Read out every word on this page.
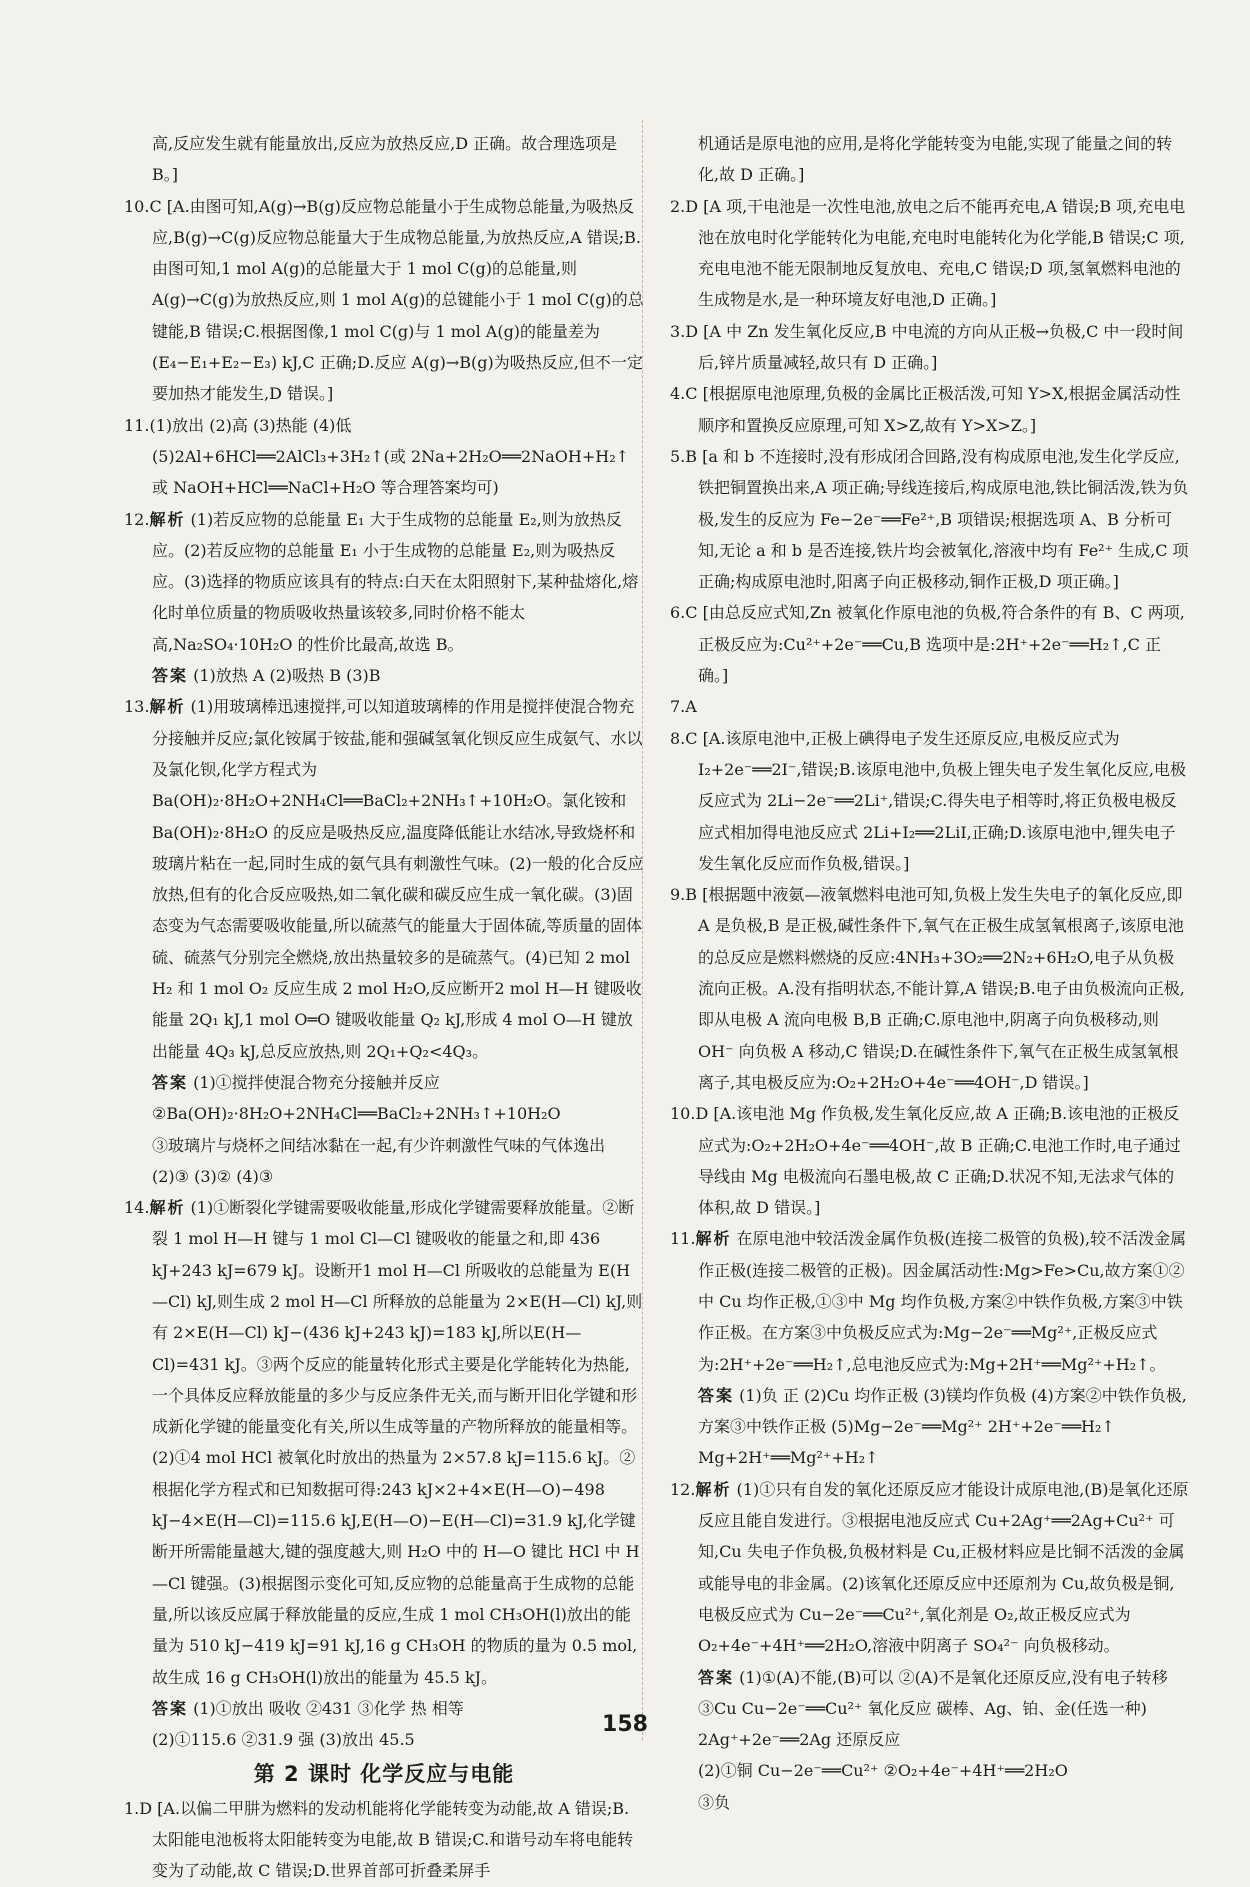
高,反应发生就有能量放出,反应为放热反应,D 正确。故合理选项是 B。]

10.C [A.由图可知,A(g)→B(g)反应物总能量小于生成物总能量,为吸热反应,B(g)→C(g)反应物总能量大于生成物总能量,为放热反应,A 错误;B.由图可知,1 mol A(g)的总能量大于 1 mol C(g)的总能量,则 A(g)→C(g)为放热反应,则 1 mol A(g)的总键能小于 1 mol C(g)的总键能,B 错误;C.根据图像,1 mol C(g)与 1 mol A(g)的能量差为(E₄−E₁+E₂−E₃) kJ,C 正确;D.反应 A(g)→B(g)为吸热反应,但不一定要加热才能发生,D 错误。]

11.(1)放出 (2)高 (3)热能 (4)低

(5)2Al+6HCl══2AlCl₃+3H₂↑(或 2Na+2H₂O══2NaOH+H₂↑或 NaOH+HCl══NaCl+H₂O 等合理答案均可)

12.解析 (1)若反应物的总能量 E₁ 大于生成物的总能量 E₂,则为放热反应。(2)若反应物的总能量 E₁ 小于生成物的总能量 E₂,则为吸热反应。(3)选择的物质应该具有的特点:白天在太阳照射下,某种盐熔化,熔化时单位质量的物质吸收热量该较多,同时价格不能太高,Na₂SO₄·10H₂O 的性价比最高,故选 B。

答案 (1)放热 A (2)吸热 B (3)B

13.解析 (1)用玻璃棒迅速搅拌,可以知道玻璃棒的作用是搅拌使混合物充分接触并反应;氯化铵属于铵盐,能和强碱氢氧化钡反应生成氨气、水以及氯化钡,化学方程式为 Ba(OH)₂·8H₂O+2NH₄Cl══BaCl₂+2NH₃↑+10H₂O。氯化铵和 Ba(OH)₂·8H₂O 的反应是吸热反应,温度降低能让水结冰,导致烧杯和玻璃片粘在一起,同时生成的氨气具有刺激性气味。(2)一般的化合反应放热,但有的化合反应吸热,如二氧化碳和碳反应生成一氧化碳。(3)固态变为气态需要吸收能量,所以硫蒸气的能量大于固体硫,等质量的固体硫、硫蒸气分别完全燃烧,放出热量较多的是硫蒸气。(4)已知 2 mol H₂ 和 1 mol O₂ 反应生成 2 mol H₂O,反应断开2 mol H—H 键吸收能量 2Q₁ kJ,1 mol O═O 键吸收能量 Q₂ kJ,形成 4 mol O—H 键放出能量 4Q₃ kJ,总反应放热,则 2Q₁+Q₂<4Q₃。

答案 (1)①搅拌使混合物充分接触并反应

②Ba(OH)₂·8H₂O+2NH₄Cl══BaCl₂+2NH₃↑+10H₂O

③玻璃片与烧杯之间结冰黏在一起,有少许刺激性气味的气体逸出

(2)③ (3)② (4)③

14.解析 (1)①断裂化学键需要吸收能量,形成化学键需要释放能量。②断裂 1 mol H—H 键与 1 mol Cl—Cl 键吸收的能量之和,即 436 kJ+243 kJ=679 kJ。设断开1 mol H—Cl 所吸收的总能量为 E(H—Cl) kJ,则生成 2 mol H—Cl 所释放的总能量为 2×E(H—Cl) kJ,则有 2×E(H—Cl) kJ−(436 kJ+243 kJ)=183 kJ,所以E(H—Cl)=431 kJ。③两个反应的能量转化形式主要是化学能转化为热能,一个具体反应释放能量的多少与反应条件无关,而与断开旧化学键和形成新化学键的能量变化有关,所以生成等量的产物所释放的能量相等。(2)①4 mol HCl 被氧化时放出的热量为 2×57.8 kJ=115.6 kJ。②根据化学方程式和已知数据可得:243 kJ×2+4×E(H—O)−498 kJ−4×E(H—Cl)=115.6 kJ,E(H—O)−E(H—Cl)=31.9 kJ,化学键断开所需能量越大,键的强度越大,则 H₂O 中的 H—O 键比 HCl 中 H—Cl 键强。(3)根据图示变化可知,反应物的总能量高于生成物的总能量,所以该反应属于释放能量的反应,生成 1 mol CH₃OH(l)放出的能量为 510 kJ−419 kJ=91 kJ,16 g CH₃OH 的物质的量为 0.5 mol,故生成 16 g CH₃OH(l)放出的能量为 45.5 kJ。

答案 (1)①放出 吸收 ②431 ③化学 热 相等

(2)①115.6 ②31.9 强 (3)放出 45.5

第 2 课时 化学反应与电能

1.D [A.以偏二甲肼为燃料的发动机能将化学能转变为动能,故 A 错误;B.太阳能电池板将太阳能转变为电能,故 B 错误;C.和谐号动车将电能转变为了动能,故 C 错误;D.世界首部可折叠柔屏手

机通话是原电池的应用,是将化学能转变为电能,实现了能量之间的转化,故 D 正确。]

2.D [A 项,干电池是一次性电池,放电之后不能再充电,A 错误;B 项,充电电池在放电时化学能转化为电能,充电时电能转化为化学能,B 错误;C 项,充电电池不能无限制地反复放电、充电,C 错误;D 项,氢氧燃料电池的生成物是水,是一种环境友好电池,D 正确。]

3.D [A 中 Zn 发生氧化反应,B 中电流的方向从正极→负极,C 中一段时间后,锌片质量减轻,故只有 D 正确。]

4.C [根据原电池原理,负极的金属比正极活泼,可知 Y>X,根据金属活动性顺序和置换反应原理,可知 X>Z,故有 Y>X>Z。]

5.B [a 和 b 不连接时,没有形成闭合回路,没有构成原电池,发生化学反应,铁把铜置换出来,A 项正确;导线连接后,构成原电池,铁比铜活泼,铁为负极,发生的反应为 Fe−2e⁻══Fe²⁺,B 项错误;根据选项 A、B 分析可知,无论 a 和 b 是否连接,铁片均会被氧化,溶液中均有 Fe²⁺ 生成,C 项正确;构成原电池时,阳离子向正极移动,铜作正极,D 项正确。]

6.C [由总反应式知,Zn 被氧化作原电池的负极,符合条件的有 B、C 两项,正极反应为:Cu²⁺+2e⁻══Cu,B 选项中是:2H⁺+2e⁻══H₂↑,C 正确。]

7.A

8.C [A.该原电池中,正极上碘得电子发生还原反应,电极反应式为 I₂+2e⁻══2I⁻,错误;B.该原电池中,负极上锂失电子发生氧化反应,电极反应式为 2Li−2e⁻══2Li⁺,错误;C.得失电子相等时,将正负极电极反应式相加得电池反应式 2Li+I₂══2LiI,正确;D.该原电池中,锂失电子发生氧化反应而作负极,错误。]

9.B [根据题中液氨—液氧燃料电池可知,负极上发生失电子的氧化反应,即 A 是负极,B 是正极,碱性条件下,氧气在正极生成氢氧根离子,该原电池的总反应是燃料燃烧的反应:4NH₃+3O₂══2N₂+6H₂O,电子从负极流向正极。A.没有指明状态,不能计算,A 错误;B.电子由负极流向正极,即从电极 A 流向电极 B,B 正确;C.原电池中,阴离子向负极移动,则 OH⁻ 向负极 A 移动,C 错误;D.在碱性条件下,氧气在正极生成氢氧根离子,其电极反应为:O₂+2H₂O+4e⁻══4OH⁻,D 错误。]

10.D [A.该电池 Mg 作负极,发生氧化反应,故 A 正确;B.该电池的正极反应式为:O₂+2H₂O+4e⁻══4OH⁻,故 B 正确;C.电池工作时,电子通过导线由 Mg 电极流向石墨电极,故 C 正确;D.状况不知,无法求气体的体积,故 D 错误。]

11.解析 在原电池中较活泼金属作负极(连接二极管的负极),较不活泼金属作正极(连接二极管的正极)。因金属活动性:Mg>Fe>Cu,故方案①②中 Cu 均作正极,①③中 Mg 均作负极,方案②中铁作负极,方案③中铁作正极。在方案③中负极反应式为:Mg−2e⁻══Mg²⁺,正极反应式为:2H⁺+2e⁻══H₂↑,总电池反应式为:Mg+2H⁺══Mg²⁺+H₂↑。

答案 (1)负 正 (2)Cu 均作正极 (3)镁均作负极 (4)方案②中铁作负极,方案③中铁作正极 (5)Mg−2e⁻══Mg²⁺ 2H⁺+2e⁻══H₂↑ Mg+2H⁺══Mg²⁺+H₂↑

12.解析 (1)①只有自发的氧化还原反应才能设计成原电池,(B)是氧化还原反应且能自发进行。③根据电池反应式 Cu+2Ag⁺══2Ag+Cu²⁺ 可知,Cu 失电子作负极,负极材料是 Cu,正极材料应是比铜不活泼的金属或能导电的非金属。(2)该氧化还原反应中还原剂为 Cu,故负极是铜,电极反应式为 Cu−2e⁻══Cu²⁺,氧化剂是 O₂,故正极反应式为 O₂+4e⁻+4H⁺══2H₂O,溶液中阴离子 SO₄²⁻ 向负极移动。

答案 (1)①(A)不能,(B)可以 ②(A)不是氧化还原反应,没有电子转移 ③Cu Cu−2e⁻══Cu²⁺ 氧化反应 碳棒、Ag、铂、金(任选一种) 2Ag⁺+2e⁻══2Ag 还原反应

(2)①铜 Cu−2e⁻══Cu²⁺ ②O₂+4e⁻+4H⁺══2H₂O

③负

158
